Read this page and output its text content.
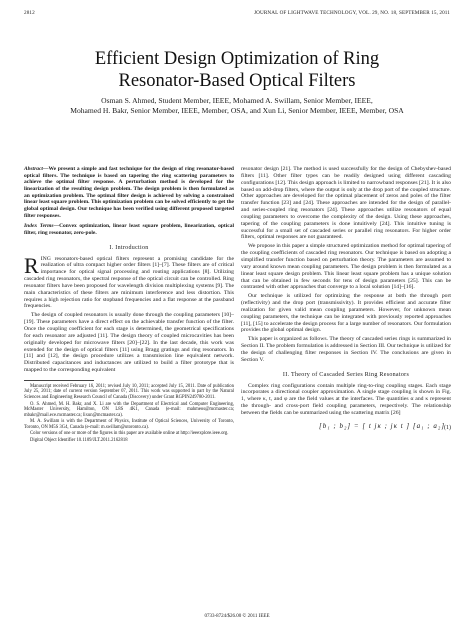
2812	JOURNAL OF LIGHTWAVE TECHNOLOGY, VOL. 29, NO. 18, SEPTEMBER 15, 2011
Efficient Design Optimization of Ring
Resonator-Based Optical Filters
Osman S. Ahmed, Student Member, IEEE, Mohamed A. Swillam, Senior Member, IEEE,
Mohamed H. Bakr, Senior Member, IEEE, Member, OSA, and Xun Li, Senior Member, IEEE, Member, OSA

Abstract—We present a simple and fast technique for the design of ring resonator-based optical filters. The technique is based on tapering the ring scattering parameters to achieve the optimal filter response. A perturbation method is developed for the linearization of the resulting design problem. The design problem is then formulated as an optimization problem. The optimal filter design is achieved by solving a constrained linear least square problem. This optimization problem can be solved efficiently to get the global optimal design. Our technique has been verified using different proposed targeted filter responses.

Index Terms—Convex optimization, linear least square problem, linearization, optical filter, ring resonator, zero-pole.

I. Introduction

RING resonators-based optical filters represent a promising candidate for the realization of ultra compact higher order filters [1]–[7]. These filters are of critical importance for optical signal processing and routing applications [8]. Utilizing cascaded ring resonators, the spectral response of the optical circuit can be controlled. Ring resonator filters have been proposed for wavelength division multiplexing systems [9]. The main characteristics of these filters are minimum interference and less distortion. This requires a high rejection ratio for stopband frequencies and a flat response at the passband frequencies.

The design of coupled resonators is usually done through the coupling parameters [10]–[19]. These parameters have a direct effect on the achievable transfer function of the filter. Once the coupling coefficient for each stage is determined, the geometrical specifications for each resonator are adjusted [11]. The design theory of coupled microcavities has been originally developed for microwave filters [20]–[22]. In the last decade, this work was extended for the design of optical filters [11] using Bragg gratings and ring resonators. In [11] and [12], the design procedure utilizes a transmission line equivalent network. Distributed capacitances and inductances are utilized to build a filter prototype that is mapped to the corresponding equivalent

Manuscript received February 16, 2011; revised July 10, 2011; accepted July 15, 2011. Date of publication July 25, 2011; date of current version September 07, 2011. This work was supported in part by the Natural Sciences and Engineering Research Council of Canada (Discovery) under Grant RGPIN249780-2011.

O. S. Ahmed, M. H. Bakr, and X. Li are with the Department of Electrical and Computer Engineering, McMaster University, Hamilton, ON L8S 4K1, Canada (e-mail: mahmeos@mcmaster.ca; mbakr@mail.ece.mcmaster.ca; lixun@mcmaster.ca).

M. A. Swillam is with the Department of Physics, Institute of Optical Sciences, University of Toronto, Toronto, ON M5S 3G4, Canada (e-mail: m.swillam@utoronto.ca).

Color versions of one or more of the figures in this paper are available online at http://ieeexplore.ieee.org.

Digital Object Identifier 10.1109/JLT.2011.2162818

resonator design [21]. The method is used successfully for the design of Chebyshev-based filters [11]. Other filter types can be readily designed using different cascading configurations [12]. This design approach is limited to narrowband responses [21]. It is also based on add-drop filters, where the output is only at the drop port of the coupled structure. Other approaches are developed for the optimal placement of zeros and poles of the filter transfer function [23] and [24]. These approaches are intended for the design of parallel- and series-coupled ring resonators [24]. These approaches utilize resonators of equal coupling parameters to overcome the complexity of the design. Using these approaches, tapering of the coupling parameters is done intuitively [24]. This intuitive tuning is successful for a small set of cascaded series or parallel ring resonators. For higher order filters, optimal responses are not guaranteed.

We propose in this paper a simple structured optimization method for optimal tapering of the coupling coefficients of cascaded ring resonators. Our technique is based on adopting a simplified transfer function based on perturbation theory. The parameters are assumed to vary around known mean coupling parameters. The design problem is then formulated as a linear least square design problem. This linear least square problem has a unique solution that can be obtained in few seconds for tens of design parameters [25]. This can be contrasted with other approaches that converge to a local solution [14]–[16].

Our technique is utilized for optimizing the response at both the through port (reflectivity) and the drop port (transmissivity). It provides efficient and accurate filter realization for given valid mean coupling parameters. However, for unknown mean coupling parameters, the technique can be integrated with previously reported approaches [11], [15] to accelerate the design process for a large number of resonators. Our formulation provides the global optimal design.

This paper is organized as follows. The theory of cascaded series rings is summarized in Section II. The problem formulation is addressed in Section III. Our technique is utilized for the design of challenging filter responses in Section IV. The conclusions are given in Section V.

II. Theory of Cascaded Series Ring Resonators

Complex ring configurations contain multiple ring-to-ring coupling stages. Each stage incorporates a directional coupler approximation. A single stage coupling is shown in Fig. 1, where κ, t, and φ are the field values at the interfaces. The quantities α and κ represent the through- and cross-port field coupling parameters, respectively. The relationship between the fields can be summarized using the scattering matrix [26]

[b₁ ; b₂] = [ t jκ ; jκ t ] [a₁ ; a₂]
(1)
0733-8724/$26.00 © 2011 IEEE
